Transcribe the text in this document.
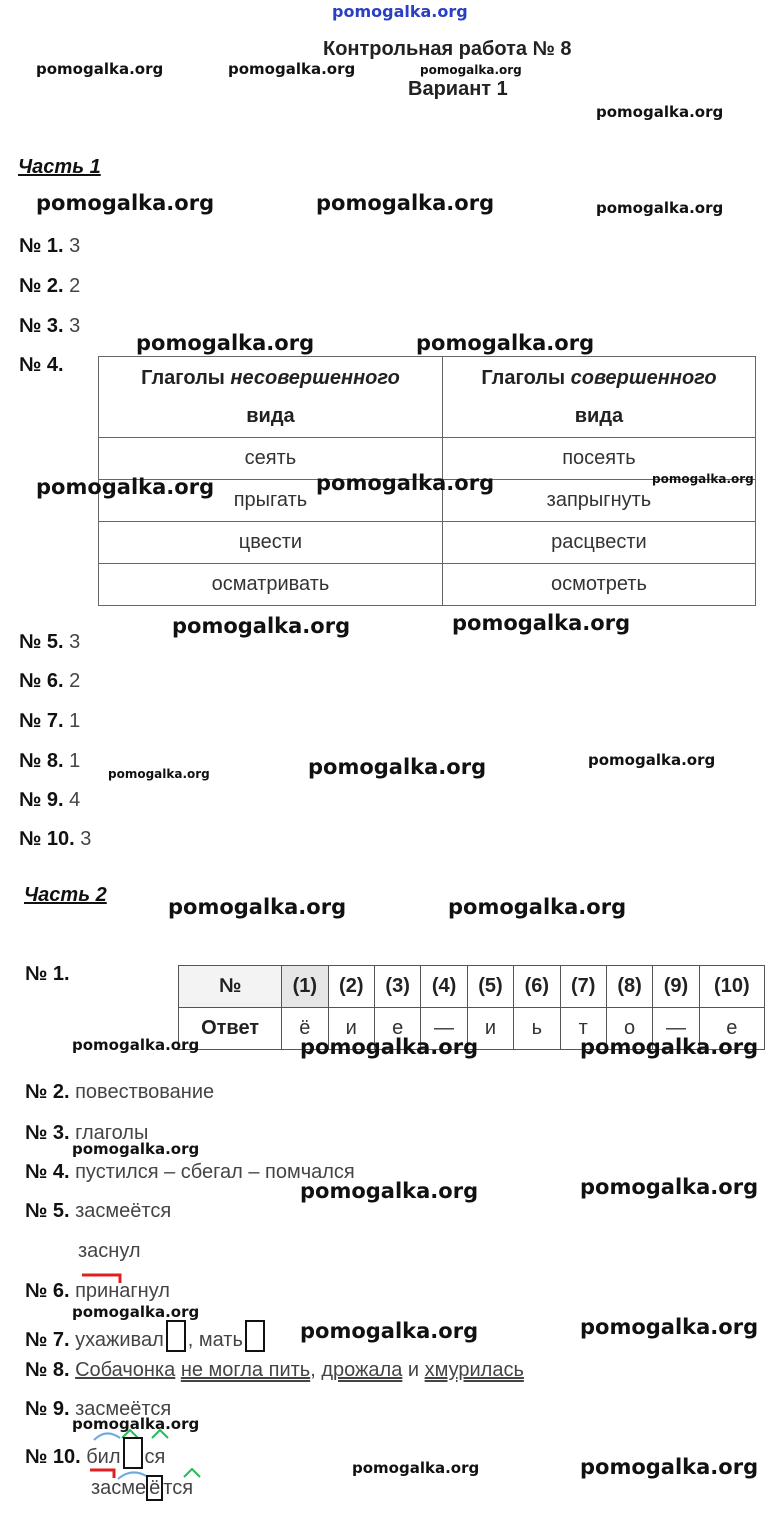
pomogalka.org
Контрольная работа № 8
Вариант 1
Часть 1
№ 1. 3
№ 2. 2
№ 3. 3
№ 4.
Глаголы несовершенного
вида	Глаголы совершенного
вида
сеять	посеять
прыгать	запрыгнуть
цвести	расцвести
осматривать	осмотреть
№ 5. 3
№ 6. 2
№ 7. 1
№ 8. 1
№ 9. 4
№ 10. 3
Часть 2
№ 1.
№	(1)	(2)	(3)	(4)	(5)	(6)	(7)	(8)	(9)	(10)
Ответ	ё	и	е	—	и	ь	т	о	—	е
№ 2. повествование
№ 3. глаголы
№ 4. пустился – сбегал – помчался
№ 5. засмеётся
заснул
№ 6. принагнул
№ 7. ухаживал , мать
№ 8. Собачонка не могла пить, дрожала и хмурилась
№ 9. засмеётся
№ 10. бил ся
засме ё тся
pomogalka.org	pomogalka.org	pomogalka.org
pomogalka.org
pomogalka.org	pomogalka.org	pomogalka.org
pomogalka.org	pomogalka.org
pomogalka.org	pomogalka.org	pomogalka.org
pomogalka.org	pomogalka.org
pomogalka.org	pomogalka.org	pomogalka.org
pomogalka.org	pomogalka.org
pomogalka.org	pomogalka.org	pomogalka.org
pomogalka.org
pomogalka.org	pomogalka.org
pomogalka.org
pomogalka.org	pomogalka.org
pomogalka.org
pomogalka.org	pomogalka.org
